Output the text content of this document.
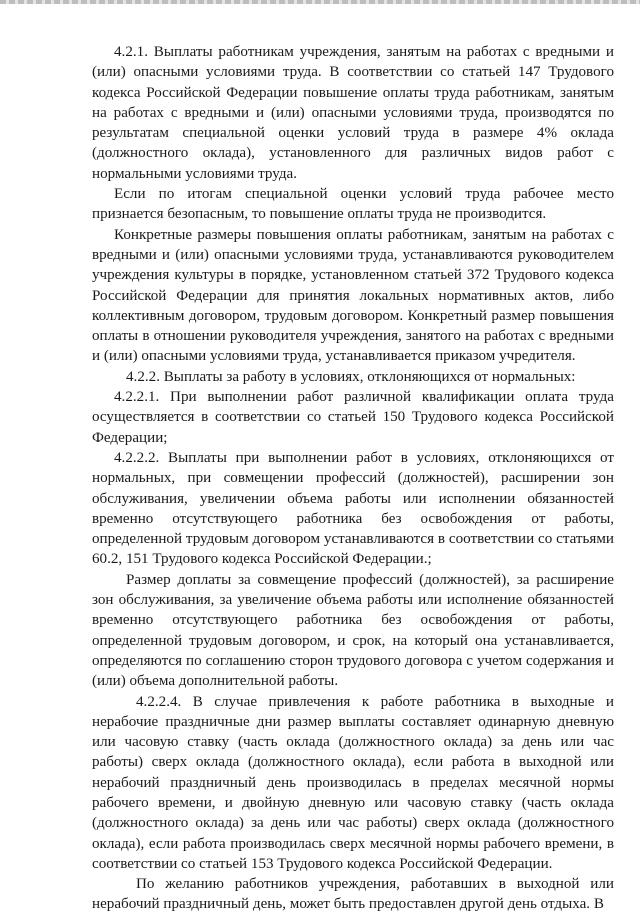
4.2.1. Выплаты работникам учреждения, занятым на работах с вредными и (или) опасными условиями труда. В соответствии со статьей 147 Трудового кодекса Российской Федерации повышение оплаты труда работникам, занятым на работах с вредными и (или) опасными условиями труда, производятся по результатам специальной оценки условий труда в размере 4% оклада (должностного оклада), установленного для различных видов работ с нормальными условиями труда.

Если по итогам специальной оценки условий труда рабочее место признается безопасным, то повышение оплаты труда не производится.

Конкретные размеры повышения оплаты работникам, занятым на работах с вредными и (или) опасными условиями труда, устанавливаются руководителем учреждения культуры в порядке, установленном статьей 372 Трудового кодекса Российской Федерации для принятия локальных нормативных актов, либо коллективным договором, трудовым договором. Конкретный размер повышения оплаты в отношении руководителя учреждения, занятого на работах с вредными и (или) опасными условиями труда, устанавливается приказом учредителя.

4.2.2. Выплаты за работу в условиях, отклоняющихся от нормальных:

4.2.2.1. При выполнении работ различной квалификации оплата труда осуществляется в соответствии со статьей 150 Трудового кодекса Российской Федерации;

4.2.2.2. Выплаты при выполнении работ в условиях, отклоняющихся от нормальных, при совмещении профессий (должностей), расширении зон обслуживания, увеличении объема работы или исполнении обязанностей временно отсутствующего работника без освобождения от работы, определенной трудовым договором устанавливаются в соответствии со статьями 60.2, 151 Трудового кодекса Российской Федерации.;

Размер доплаты за совмещение профессий (должностей), за расширение зон обслуживания, за увеличение объема работы или исполнение обязанностей временно отсутствующего работника без освобождения от работы, определенной трудовым договором, и срок, на который она устанавливается, определяются по соглашению сторон трудового договора с учетом содержания и (или) объема дополнительной работы.

4.2.2.4. В случае привлечения к работе работника в выходные и нерабочие праздничные дни размер выплаты составляет одинарную дневную или часовую ставку (часть оклада (должностного оклада) за день или час работы) сверх оклада (должностного оклада), если работа в выходной или нерабочий праздничный день производилась в пределах месячной нормы рабочего времени, и двойную дневную или часовую ставку (часть оклада (должностного оклада) за день или час работы) сверх оклада (должностного оклада), если работа производилась сверх месячной нормы рабочего времени, в соответствии со статьей 153 Трудового кодекса Российской Федерации.

По желанию работников учреждения, работавших в выходной или нерабочий праздничный день, может быть предоставлен другой день отдыха. В
